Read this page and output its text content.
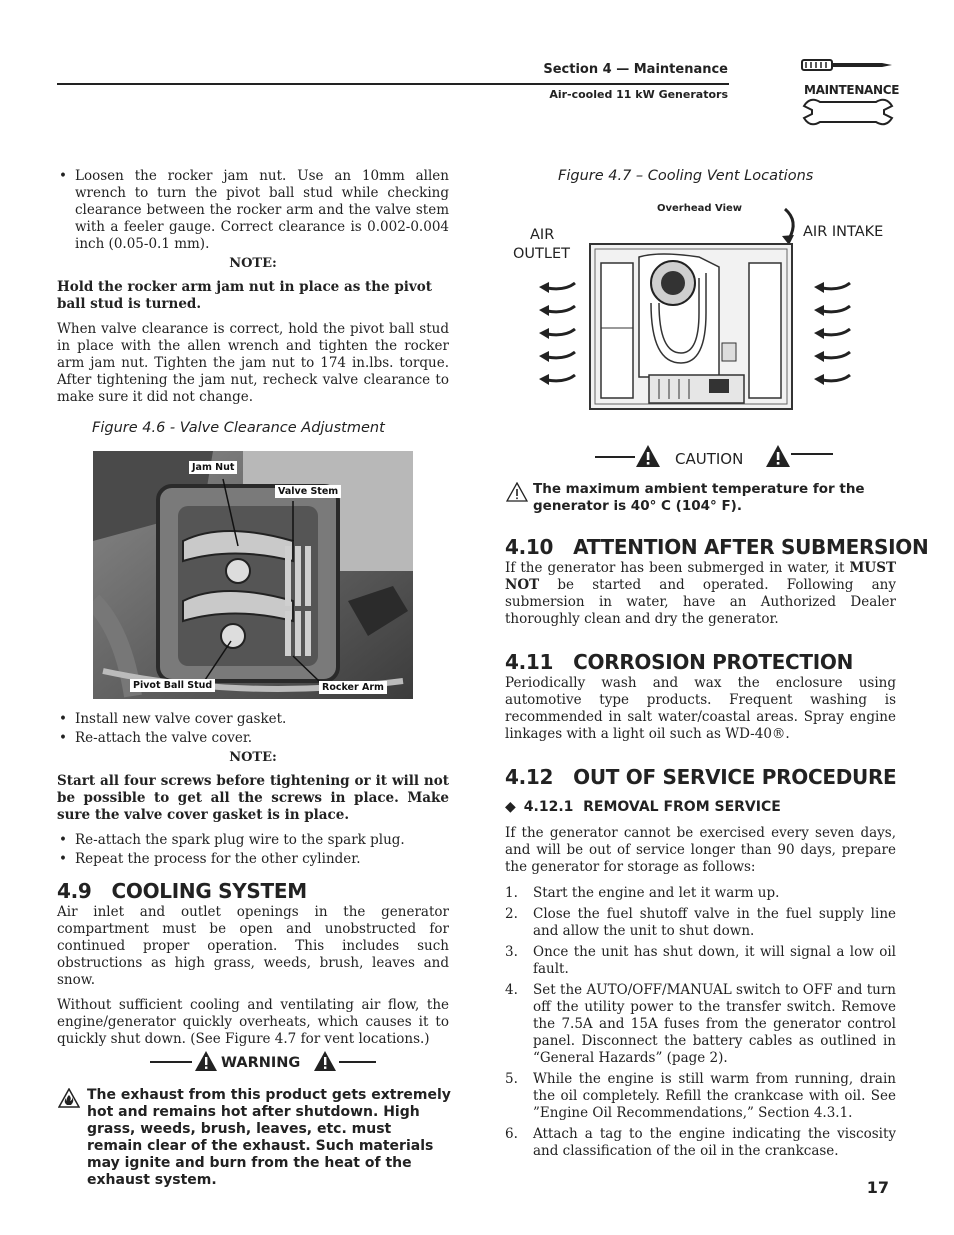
Section 4 — Maintenance
Air-cooled 11 kW Generators	MAINTENANCE
• Loosen the rocker jam nut. Use an 10mm allen wrench to turn the pivot ball stud while checking clearance between the rocker arm and the valve stem with a feeler gauge. Correct clearance is 0.002-0.004 inch (0.05-0.1 mm).

NOTE:

Hold the rocker arm jam nut in place as the pivot ball stud is turned.

When valve clearance is correct, hold the pivot ball stud in place with the allen wrench and tighten the rocker arm jam nut. Tighten the jam nut to 174 in.lbs. torque. After tightening the jam nut, recheck valve clearance to make sure it did not change.

Figure 4.6 - Valve Clearance Adjustment
Jam Nut
Valve Stem
Pivot Ball Stud	Rocker Arm
• Install new valve cover gasket.
• Re-attach the valve cover.

NOTE:

Start all four screws before tightening or it will not be possible to get all the screws in place. Make sure the valve cover gasket is in place.

• Re-attach the spark plug wire to the spark plug.
• Repeat the process for the other cylinder.
4.9   COOLING SYSTEM

Air inlet and outlet openings in the generator compartment must be open and unobstructed for continued proper operation. This includes such obstructions as high grass, weeds, brush, leaves and snow.

Without sufficient cooling and ventilating air flow, the engine/generator quickly overheats, which causes it to quickly shut down. (See Figure 4.7 for vent locations.)

WARNING
The exhaust from this product gets extremely hot and remains hot after shutdown. High grass, weeds, brush, leaves, etc. must remain clear of the exhaust. Such materials may ignite and burn from the heat of the exhaust system.
Figure 4.7 – Cooling Vent Locations
Overhead View
AIR
OUTLET
AIR INTAKE
CAUTION
The maximum ambient temperature for the generator is 40° C (104° F).
4.10   ATTENTION AFTER SUBMERSION

If the generator has been submerged in water, it MUST NOT be started and operated. Following any submersion in water, have an Authorized Dealer thoroughly clean and dry the generator.

4.11   CORROSION PROTECTION

Periodically wash and wax the enclosure using automotive type products. Frequent washing is recommended in salt water/coastal areas. Spray engine linkages with a light oil such as WD-40®.

4.12   OUT OF SERVICE PROCEDURE
◆ 4.12.1  REMOVAL FROM SERVICE

If the generator cannot be exercised every seven days, and will be out of service longer than 90 days, prepare the generator for storage as follows:

1. Start the engine and let it warm up.
2. Close the fuel shutoff valve in the fuel supply line and allow the unit to shut down.
3. Once the unit has shut down, it will signal a low oil fault.
4. Set the AUTO/OFF/MANUAL switch to OFF and turn off the utility power to the transfer switch. Remove the 7.5A and 15A fuses from the generator control panel. Disconnect the battery cables as outlined in “General Hazards” (page 2).
5. While the engine is still warm from running, drain the oil completely. Refill the crankcase with oil. See ”Engine Oil Recommendations,” Section 4.3.1.
6. Attach a tag to the engine indicating the viscosity and classification of the oil in the crankcase.
17
